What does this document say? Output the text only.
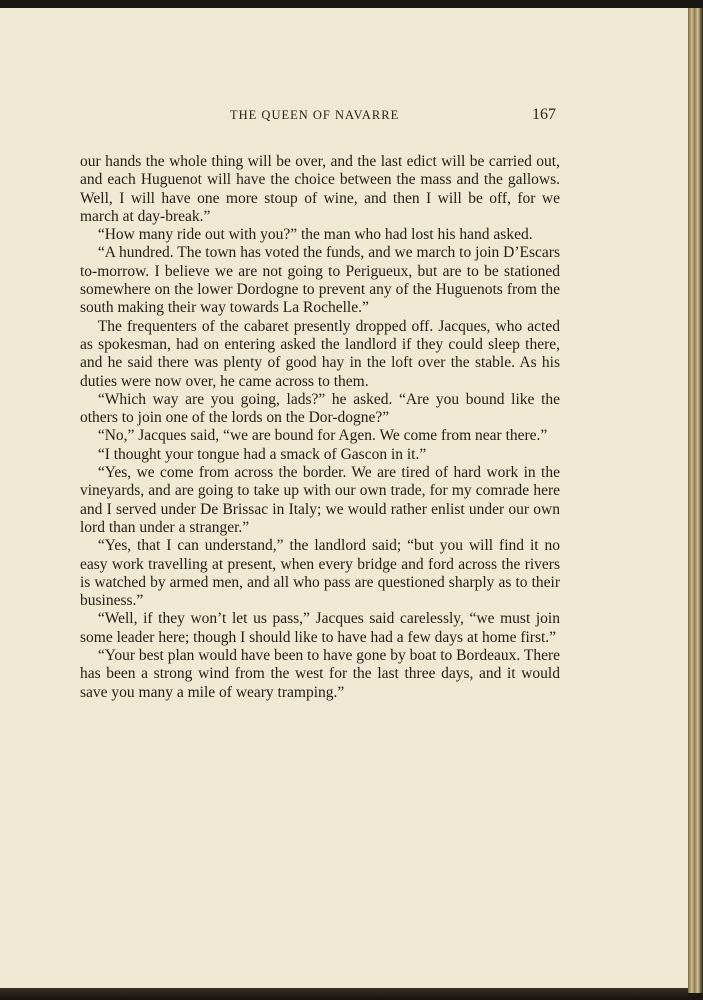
THE QUEEN OF NAVARRE	167

our hands the whole thing will be over, and the last edict will be carried out, and each Huguenot will have the choice between the mass and the gallows. Well, I will have one more stoup of wine, and then I will be off, for we march at day-break.”

“How many ride out with you?” the man who had lost his hand asked.

“A hundred. The town has voted the funds, and we march to join D’Escars to-morrow. I believe we are not going to Perigueux, but are to be stationed somewhere on the lower Dordogne to prevent any of the Huguenots from the south making their way towards La Rochelle.”

The frequenters of the cabaret presently dropped off. Jacques, who acted as spokesman, had on entering asked the landlord if they could sleep there, and he said there was plenty of good hay in the loft over the stable. As his duties were now over, he came across to them.

“Which way are you going, lads?” he asked. “Are you bound like the others to join one of the lords on the Dor-dogne?”

“No,” Jacques said, “we are bound for Agen. We come from near there.”

“I thought your tongue had a smack of Gascon in it.”

“Yes, we come from across the border. We are tired of hard work in the vineyards, and are going to take up with our own trade, for my comrade here and I served under De Brissac in Italy; we would rather enlist under our own lord than under a stranger.”

“Yes, that I can understand,” the landlord said; “but you will find it no easy work travelling at present, when every bridge and ford across the rivers is watched by armed men, and all who pass are questioned sharply as to their business.”

“Well, if they won’t let us pass,” Jacques said carelessly, “we must join some leader here; though I should like to have had a few days at home first.”

“Your best plan would have been to have gone by boat to Bordeaux. There has been a strong wind from the west for the last three days, and it would save you many a mile of weary tramping.”
